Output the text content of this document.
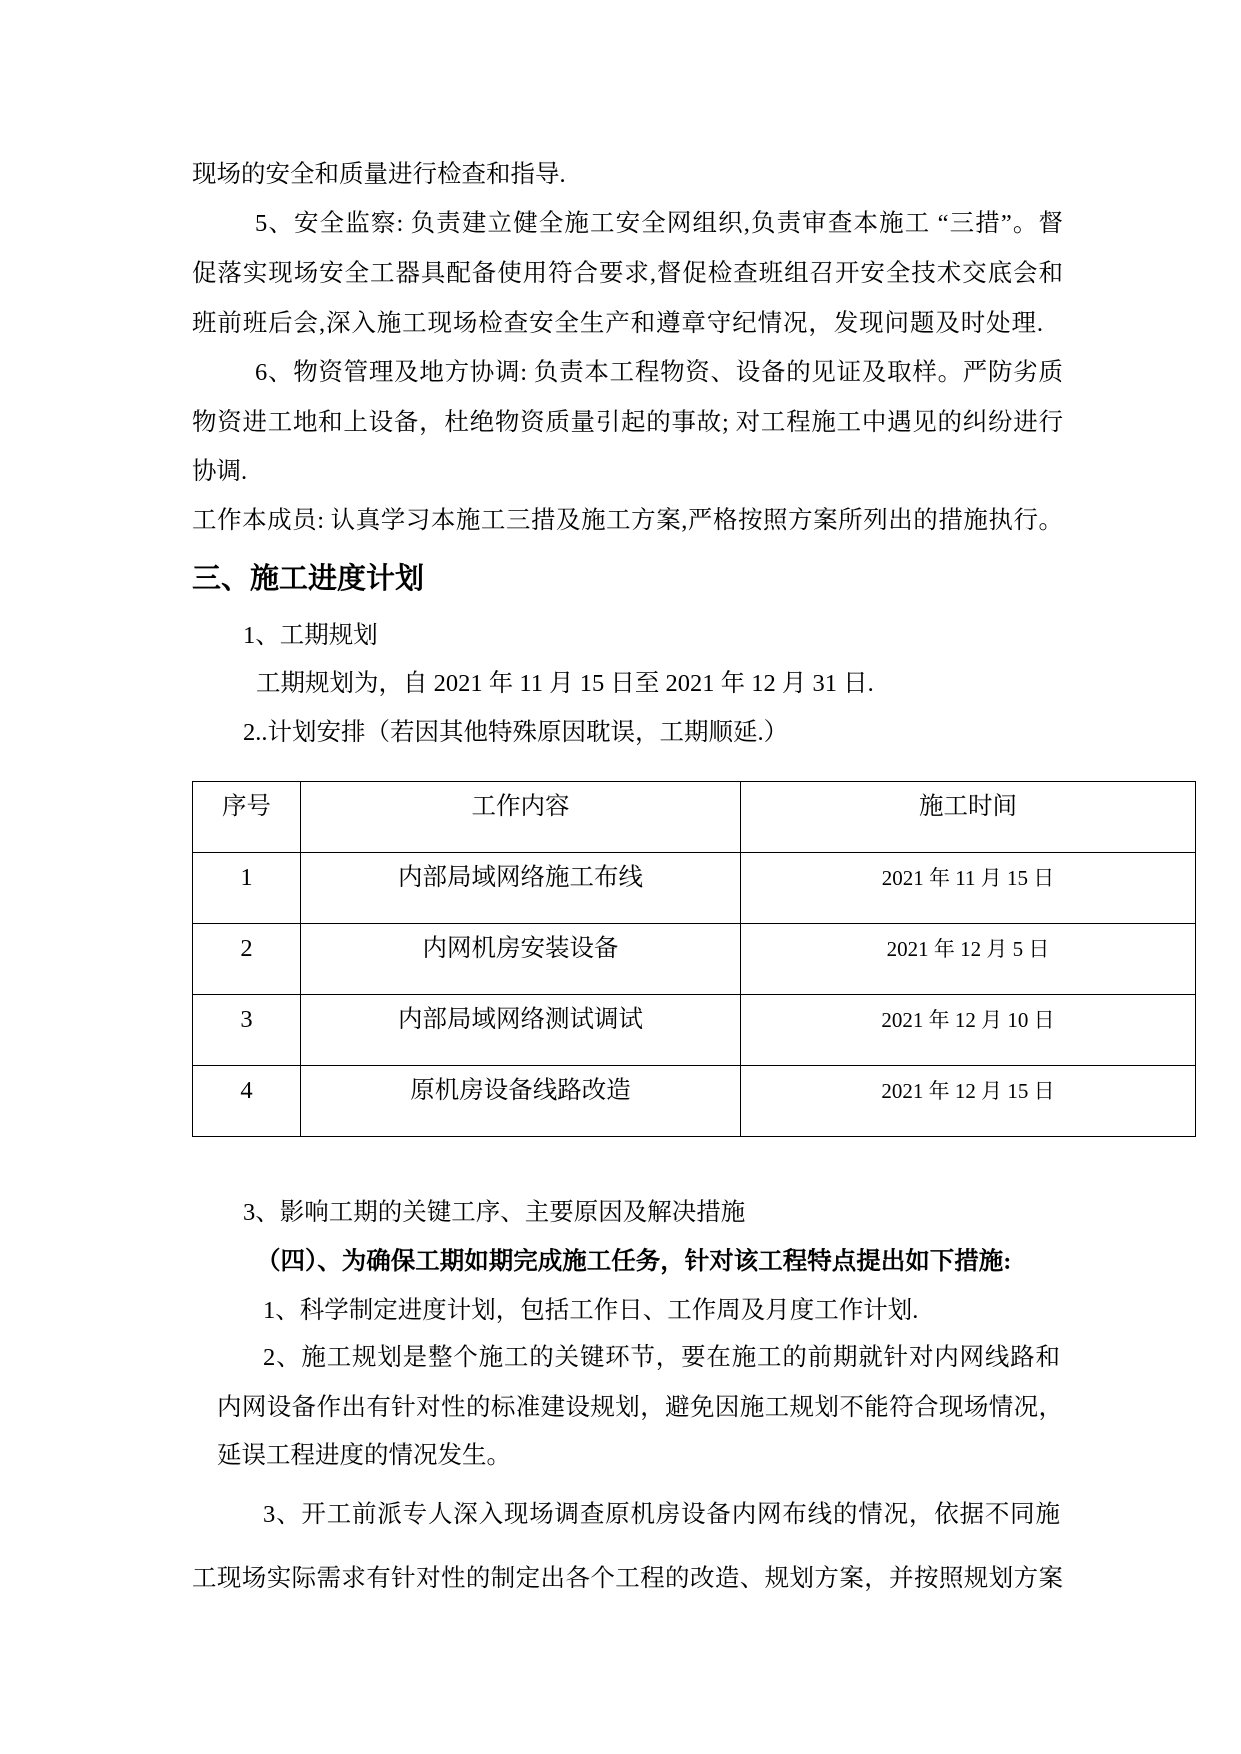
现场的安全和质量进行检查和指导.
5、安全监察: 负责建立健全施工安全网组织,负责审查本施工 “三措”。督
促落实现场安全工器具配备使用符合要求,督促检查班组召开安全技术交底会和
班前班后会,深入施工现场检查安全生产和遵章守纪情况，发现问题及时处理.
6、物资管理及地方协调: 负责本工程物资、设备的见证及取样。严防劣质
物资进工地和上设备，杜绝物资质量引起的事故; 对工程施工中遇见的纠纷进行
协调.
工作本成员: 认真学习本施工三措及施工方案,严格按照方案所列出的措施执行。
三、施工进度计划
1、工期规划
工期规划为，自 2021 年 11 月 15 日至 2021 年 12 月 31 日.
2..计划安排（若因其他特殊原因耽误，工期顺延.）
序号	工作内容	施工时间
1	内部局域网络施工布线	2021 年 11 月 15 日
2	内网机房安装设备	2021 年 12 月 5 日
3	内部局域网络测试调试	2021 年 12 月 10 日
4	原机房设备线路改造	2021 年 12 月 15 日
3、影响工期的关键工序、主要原因及解决措施
（四）、为确保工期如期完成施工任务，针对该工程特点提出如下措施:
1、科学制定进度计划，包括工作日、工作周及月度工作计划.
2、施工规划是整个施工的关键环节，要在施工的前期就针对内网线路和
内网设备作出有针对性的标准建设规划，避免因施工规划不能符合现场情况，
延误工程进度的情况发生。
3、开工前派专人深入现场调查原机房设备内网布线的情况，依据不同施
工现场实际需求有针对性的制定出各个工程的改造、规划方案，并按照规划方案
